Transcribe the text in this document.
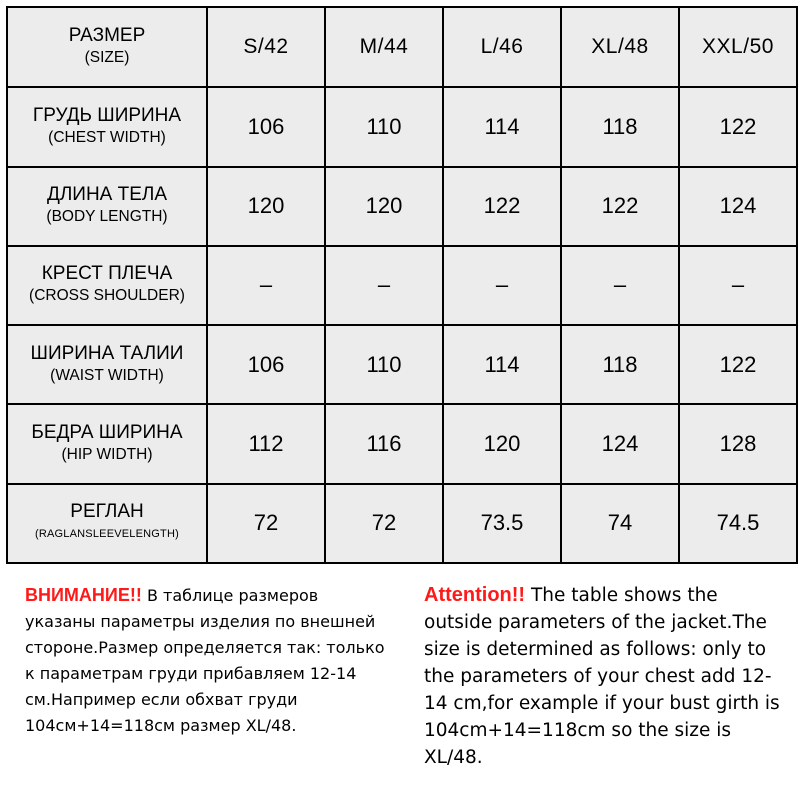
РАЗМЕР
(SIZE)	S/42	M/44	L/46	XL/48	XXL/50

ГРУДЬ ШИРИНА
(CHEST WIDTH)	106	110	114	118	122

ДЛИНА ТЕЛА
(BODY LENGTH)	120	120	122	122	124

КРЕСТ ПЛЕЧА
(CROSS SHOULDER)	–	–	–	–	–

ШИРИНА ТАЛИИ
(WAIST WIDTH)	106	110	114	118	122

БЕДРА ШИРИНА
(HIP WIDTH)	112	116	120	124	128

РЕГЛАН
(RAGLANSLEEVELENGTH)	72	72	73.5	74	74.5
ВНИМАНИЕ!! В таблице размеров указаны параметры изделия по внешней стороне.Размер определяется так: только к параметрам груди прибавляем 12-14 см.Например если обхват груди 104см+14=118см размер XL/48.
Attention!! The table shows the outside parameters of the jacket.The size is determined as follows: only to the parameters of your chest add 12-14 cm,for example if your bust girth is 104cm+14=118cm so the size is XL/48.
